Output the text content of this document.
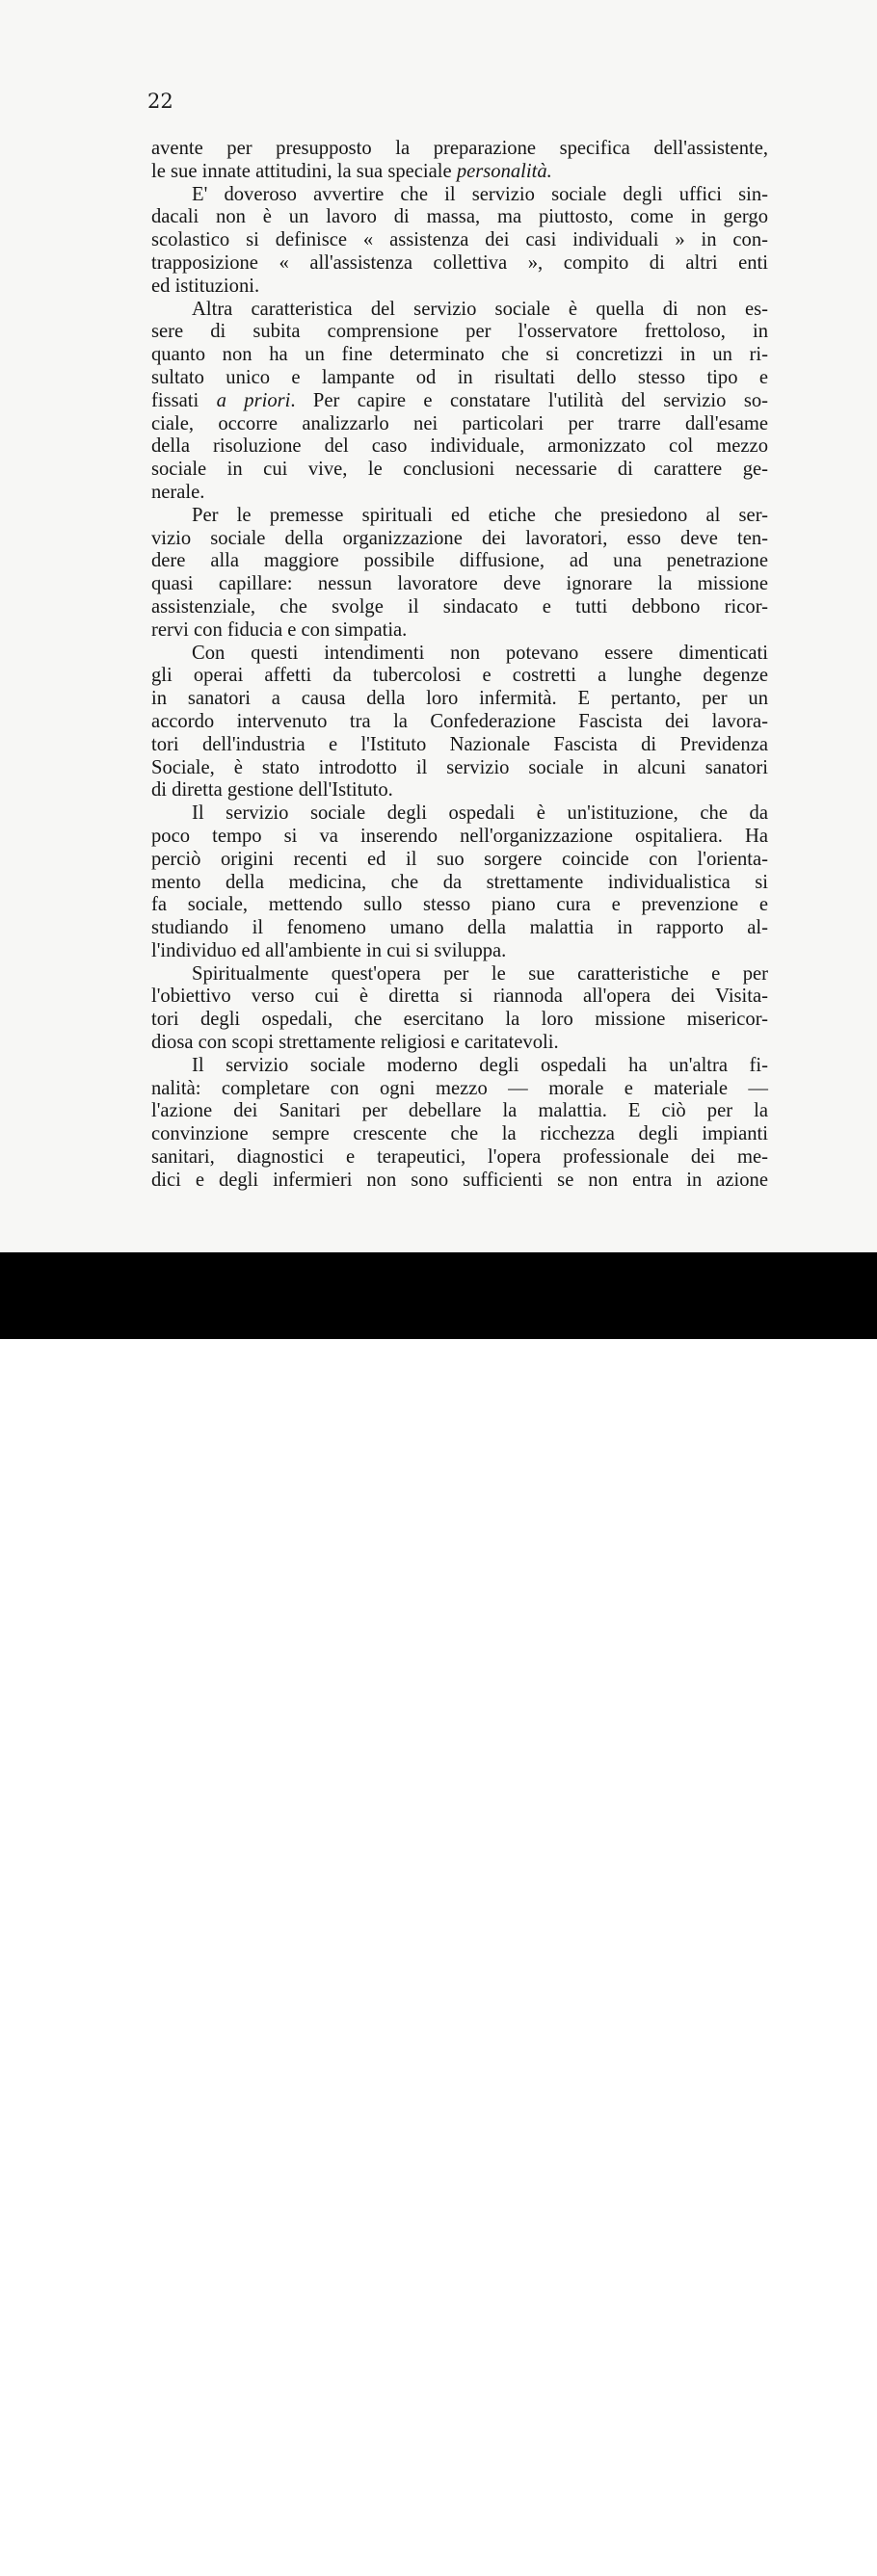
22
avente per presupposto la preparazione specifica dell'assistente,
le sue innate attitudini, la sua speciale personalità.
E' doveroso avvertire che il servizio sociale degli uffici sin-
dacali non è un lavoro di massa, ma piuttosto, come in gergo
scolastico si definisce « assistenza dei casi individuali » in con-
trapposizione « all'assistenza collettiva », compito di altri enti
ed istituzioni.
Altra caratteristica del servizio sociale è quella di non es-
sere di subita comprensione per l'osservatore frettoloso, in
quanto non ha un fine determinato che si concretizzi in un ri-
sultato unico e lampante od in risultati dello stesso tipo e
fissati a priori. Per capire e constatare l'utilità del servizio so-
ciale, occorre analizzarlo nei particolari per trarre dall'esame
della risoluzione del caso individuale, armonizzato col mezzo
sociale in cui vive, le conclusioni necessarie di carattere ge-
nerale.
Per le premesse spirituali ed etiche che presiedono al ser-
vizio sociale della organizzazione dei lavoratori, esso deve ten-
dere alla maggiore possibile diffusione, ad una penetrazione
quasi capillare: nessun lavoratore deve ignorare la missione
assistenziale, che svolge il sindacato e tutti debbono ricor-
rervi con fiducia e con simpatia.
Con questi intendimenti non potevano essere dimenticati
gli operai affetti da tubercolosi e costretti a lunghe degenze
in sanatori a causa della loro infermità. E pertanto, per un
accordo intervenuto tra la Confederazione Fascista dei lavora-
tori dell'industria e l'Istituto Nazionale Fascista di Previdenza
Sociale, è stato introdotto il servizio sociale in alcuni sanatori
di diretta gestione dell'Istituto.
Il servizio sociale degli ospedali è un'istituzione, che da
poco tempo si va inserendo nell'organizzazione ospitaliera. Ha
perciò origini recenti ed il suo sorgere coincide con l'orienta-
mento della medicina, che da strettamente individualistica si
fa sociale, mettendo sullo stesso piano cura e prevenzione e
studiando il fenomeno umano della malattia in rapporto al-
l'individuo ed all'ambiente in cui si sviluppa.
Spiritualmente quest'opera per le sue caratteristiche e per
l'obiettivo verso cui è diretta si riannoda all'opera dei Visita-
tori degli ospedali, che esercitano la loro missione misericor-
diosa con scopi strettamente religiosi e caritatevoli.
Il servizio sociale moderno degli ospedali ha un'altra fi-
nalità: completare con ogni mezzo — morale e materiale —
l'azione dei Sanitari per debellare la malattia. E ciò per la
convinzione sempre crescente che la ricchezza degli impianti
sanitari, diagnostici e terapeutici, l'opera professionale dei me-
dici e degli infermieri non sono sufficienti se non entra in azione
alamy	J3FG0R
www.alamy.com
